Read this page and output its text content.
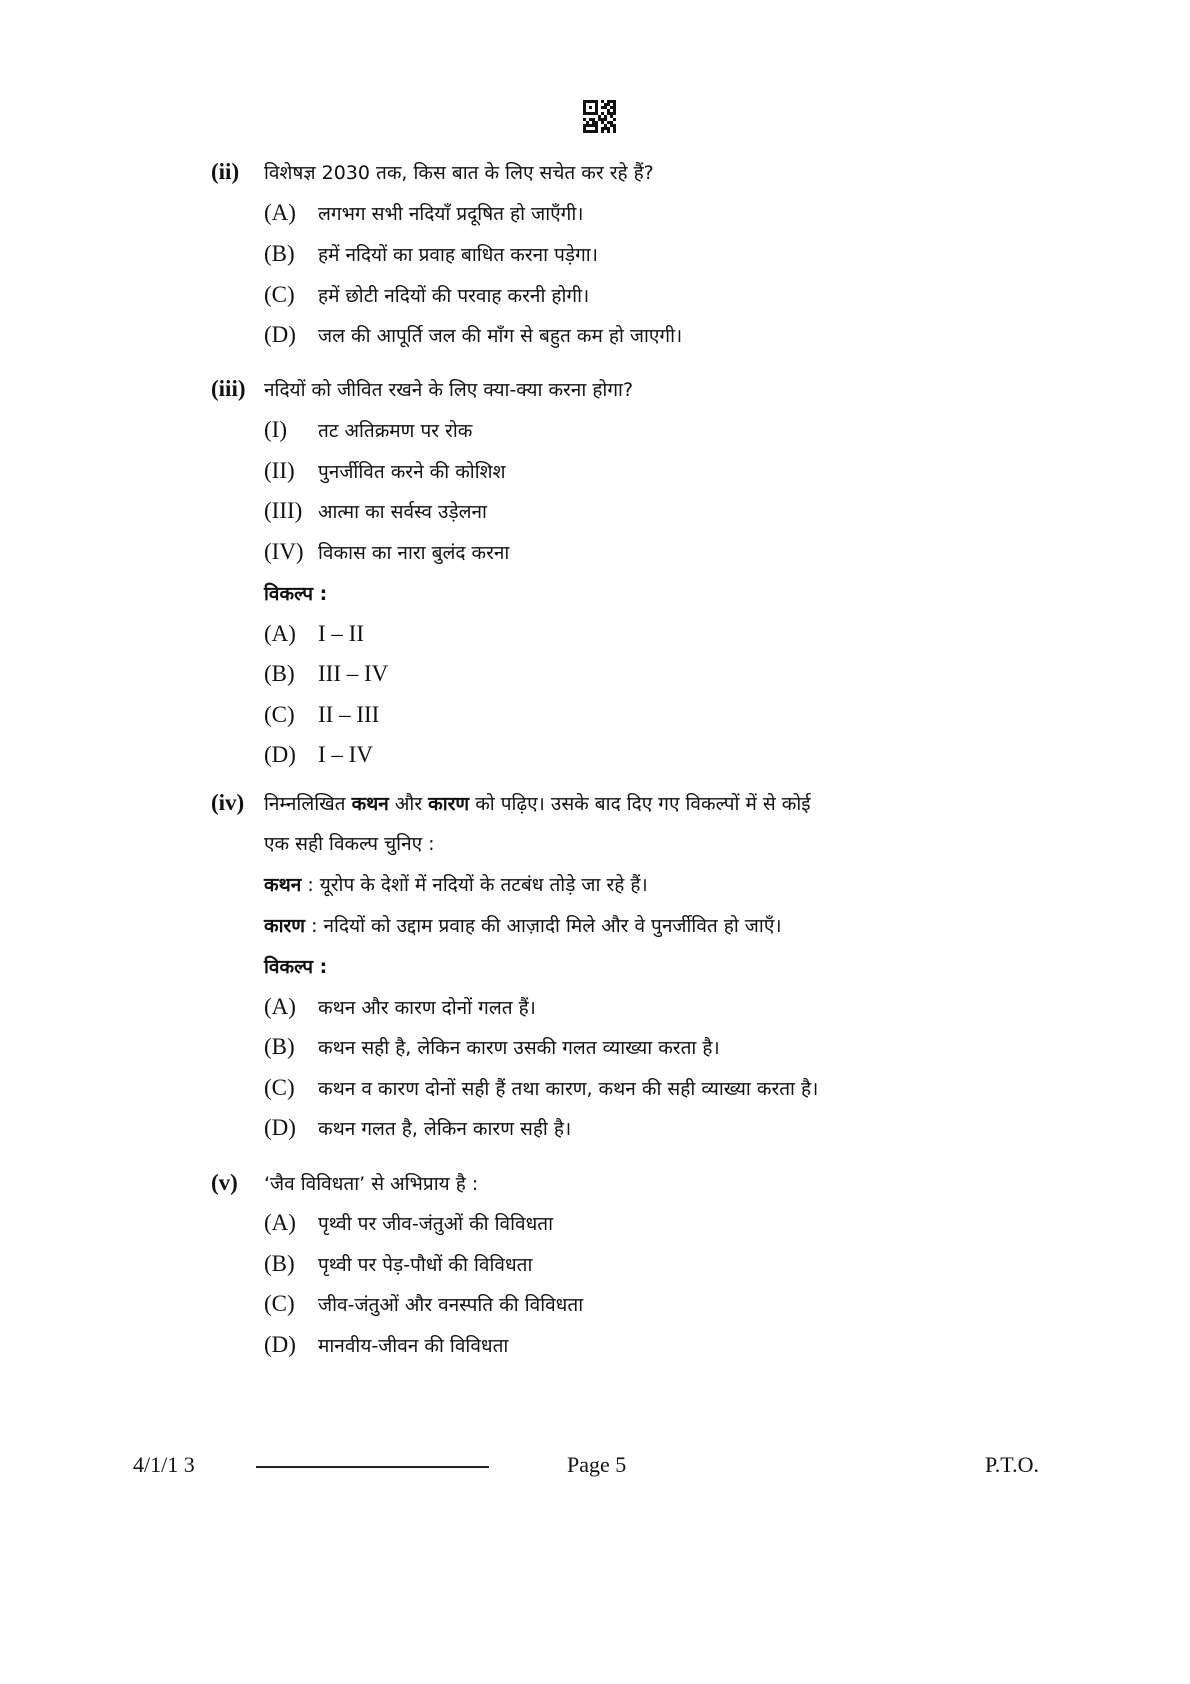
(ii) विशेषज्ञ 2030 तक, किस बात के लिए सचेत कर रहे हैं?
(A) लगभग सभी नदियाँ प्रदूषित हो जाएँगी।
(B) हमें नदियों का प्रवाह बाधित करना पड़ेगा।
(C) हमें छोटी नदियों की परवाह करनी होगी।
(D) जल की आपूर्ति जल की माँग से बहुत कम हो जाएगी।
(iii) नदियों को जीवित रखने के लिए क्या-क्या करना होगा?
(I) तट अतिक्रमण पर रोक
(II) पुनर्जीवित करने की कोशिश
(III) आत्मा का सर्वस्व उड़ेलना
(IV) विकास का नारा बुलंद करना
विकल्प :
(A) I – II
(B) III – IV
(C) II – III
(D) I – IV
(iv) निम्नलिखित कथन और कारण को पढ़िए। उसके बाद दिए गए विकल्पों में से कोई
एक सही विकल्प चुनिए :
कथन : यूरोप के देशों में नदियों के तटबंध तोड़े जा रहे हैं।
कारण : नदियों को उद्दाम प्रवाह की आज़ादी मिले और वे पुनर्जीवित हो जाएँ।
विकल्प :
(A) कथन और कारण दोनों गलत हैं।
(B) कथन सही है, लेकिन कारण उसकी गलत व्याख्या करता है।
(C) कथन व कारण दोनों सही हैं तथा कारण, कथन की सही व्याख्या करता है।
(D) कथन गलत है, लेकिन कारण सही है।
(v) ‘जैव विविधता’ से अभिप्राय है :
(A) पृथ्वी पर जीव-जंतुओं की विविधता
(B) पृथ्वी पर पेड़-पौधों की विविधता
(C) जीव-जंतुओं और वनस्पति की विविधता
(D) मानवीय-जीवन की विविधता
4/1/1 3	Page 5	P.T.O.
